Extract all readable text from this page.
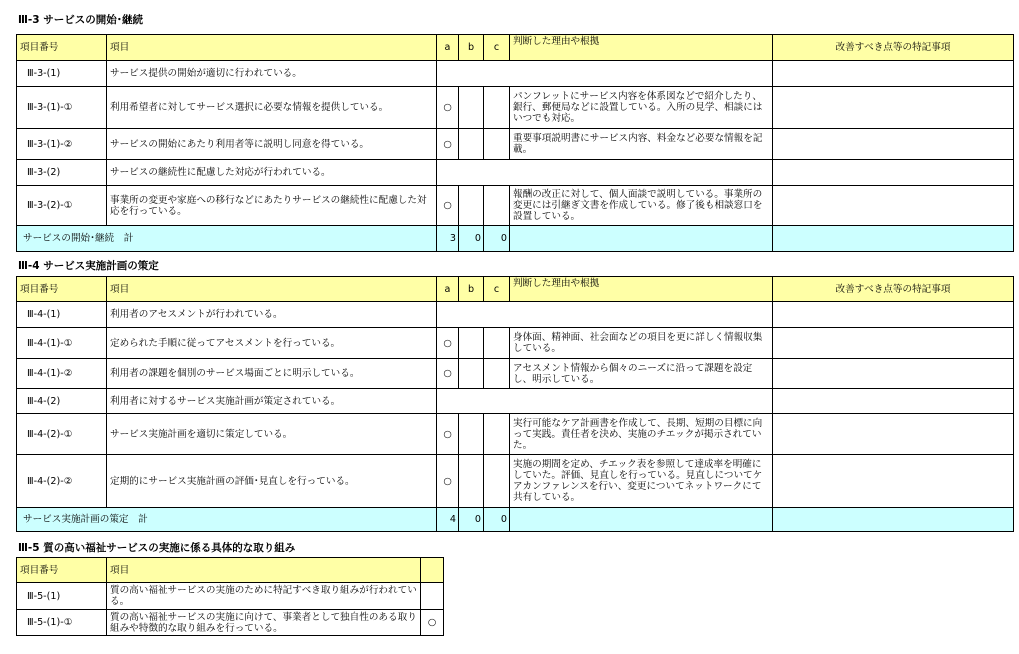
Ⅲ-3 サービスの開始･継続
項目番号	項目	a	b	c	判断した理由や根拠	改善すべき点等の特記事項
Ⅲ-3-(1)	サービス提供の開始が適切に行われている。					
Ⅲ-3-(1)-①	利用希望者に対してサービス選択に必要な情報を提供している。	○			パンフレットにサービス内容を体系図などで紹介したり、銀行、郵便局などに設置している。入所の見学、相談にはいつでも対応。	
Ⅲ-3-(1)-②	サービスの開始にあたり利用者等に説明し同意を得ている。	○			重要事項説明書にサービス内容、料金など必要な情報を記載。	
Ⅲ-3-(2)	サービスの継続性に配慮した対応が行われている。					
Ⅲ-3-(2)-①	事業所の変更や家庭への移行などにあたりサービスの継続性に配慮した対応を行っている。	○			報酬の改正に対して、個人面談で説明している。事業所の変更には引継ぎ文書を作成している。修了後も相談窓口を設置している。	
サービスの開始･継続　計		3	0	0		
Ⅲ-4 サービス実施計画の策定
項目番号	項目	a	b	c	判断した理由や根拠	改善すべき点等の特記事項
Ⅲ-4-(1)	利用者のアセスメントが行われている。					
Ⅲ-4-(1)-①	定められた手順に従ってアセスメントを行っている。	○			身体面、精神面、社会面などの項目を更に詳しく情報収集している。	
Ⅲ-4-(1)-②	利用者の課題を個別のサービス場面ごとに明示している。	○			アセスメント情報から個々のニーズに沿って課題を設定し、明示している。	
Ⅲ-4-(2)	利用者に対するサービス実施計画が策定されている。					
Ⅲ-4-(2)-①	サービス実施計画を適切に策定している。	○			実行可能なケア計画書を作成して、長期、短期の目標に向って実践。責任者を決め、実施のチエックが掲示されていた。	
Ⅲ-4-(2)-②	定期的にサービス実施計画の評価･見直しを行っている。	○			実施の期間を定め、チエック表を参照して達成率を明確にしていた。評価、見直しを行っている。見直しについてケアカンファレンスを行い、変更についてネットワークにて共有している。	
サービス実施計画の策定　計		4	0	0		
Ⅲ-5 質の高い福祉サービスの実施に係る具体的な取り組み
項目番号	項目	
Ⅲ-5-(1)	質の高い福祉サービスの実施のために特記すべき取り組みが行われている。	
Ⅲ-5-(1)-①	質の高い福祉サービスの実施に向けて、事業者として独自性のある取り組みや特徴的な取り組みを行っている。	○
